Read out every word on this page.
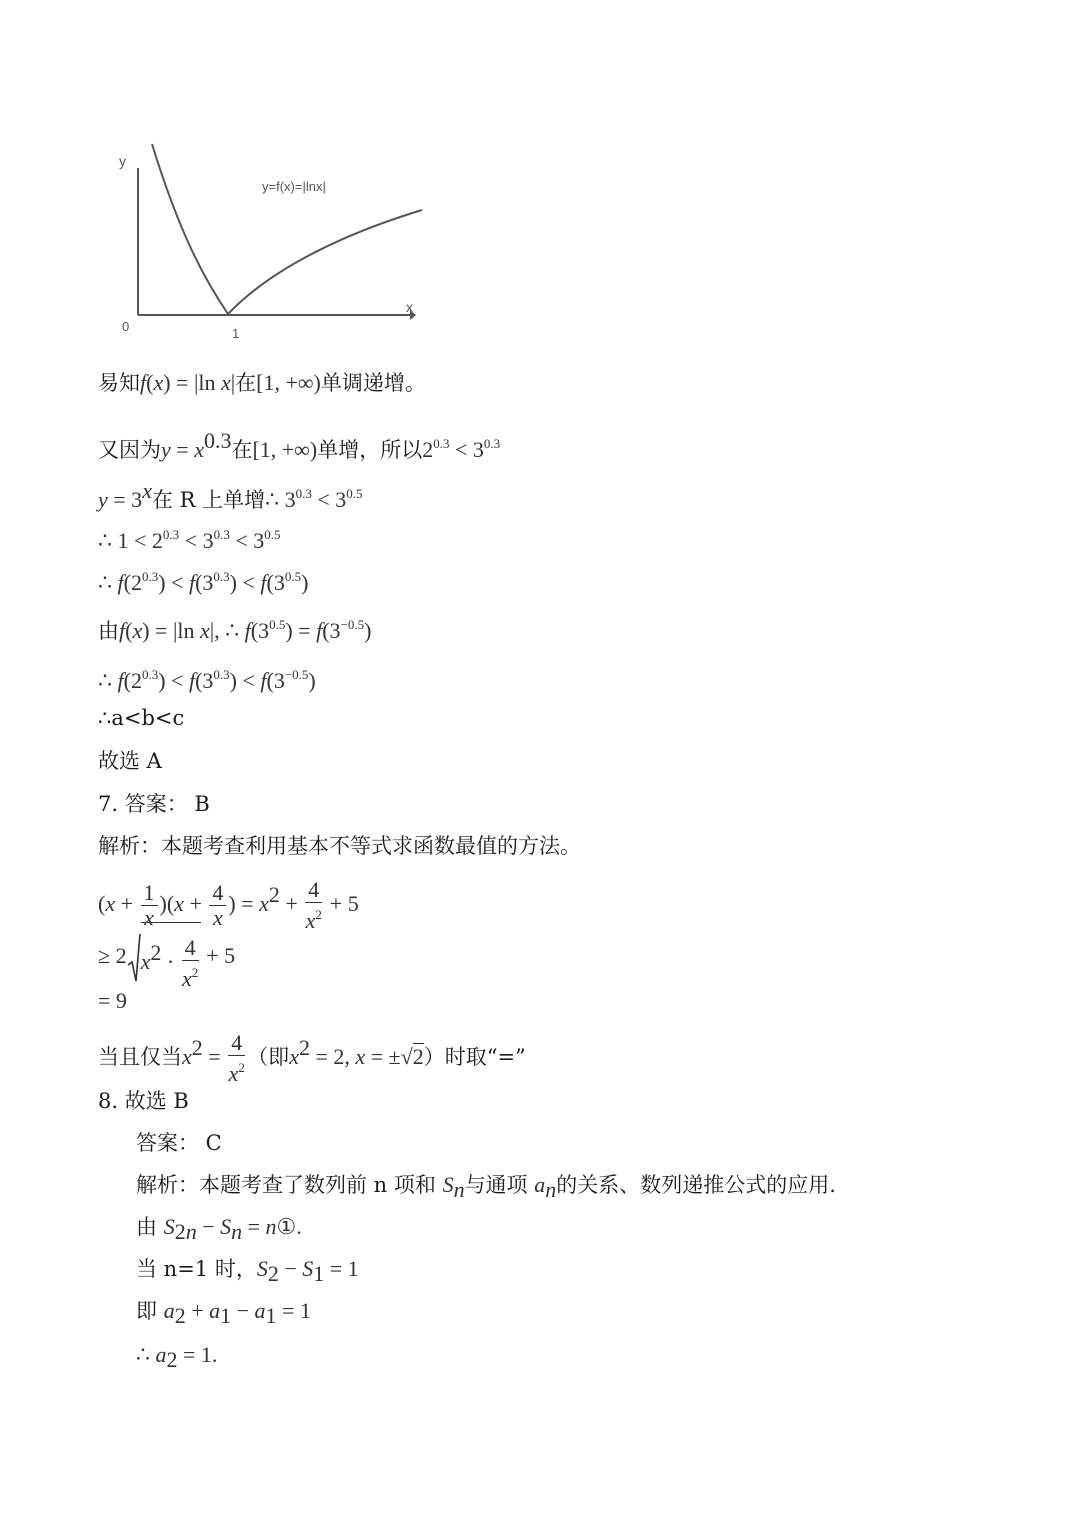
y
x
0	1
y=f(x)=|lnx|
易知f(x) = |ln x|在[1, +∞)单调递增。
又因为$y = x^{0.3}$在[1, +∞)单增，所以$2^{0.3} < 3^{0.3}$
$y = 3^x$在 R 上单增∴ $3^{0.3} < 3^{0.5}$
∴ $1 < 2^{0.3} < 3^{0.3} < 3^{0.5}$
∴ $f(2^{0.3}) < f(3^{0.3}) < f(3^{0.5})$
由f(x) = |ln x|, ∴ $f(3^{0.5}) = f(3^{-0.5})$
∴ $f(2^{0.3}) < f(3^{0.3}) < f(3^{-0.5})$
∴a<b<c
故选 A
7. 答案： B
解析：本题考查利用基本不等式求函数最值的方法。
$(x + \frac{1}{x} )(x + \frac{4}{x}$ ) = $x^2 + \frac{4}{x^2} + 5$
≥ 2 $x^2 \cdot \frac{4}{x^2} + 5$
= 9
当且仅当$x^2 = \frac{4}{x^2}$ （即$x^2 = 2$, x = ±√2）时取“=”
8. 故选 B
答案： C
解析：本题考查了数列前 n 项和 $S_n$与通项 $a_n$的关系、数列递推公式的应用.
由 $S_{2n} - S_n$ = n①.
当 n=1 时，$S_2 - S_1 = 1$
即 $a_2 + a_1 - a_1 = 1$
∴ $a_2 = 1$.
